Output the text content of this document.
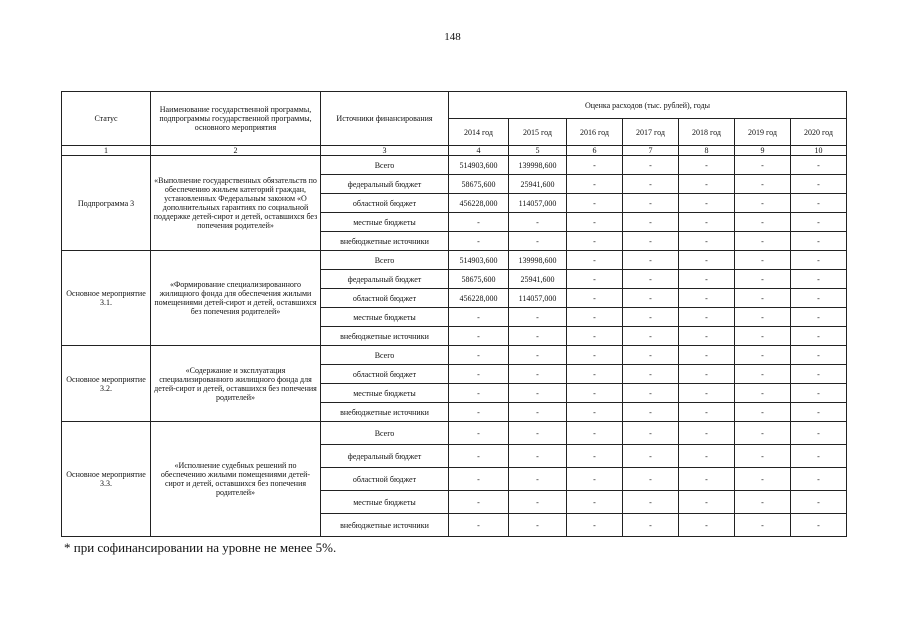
148
Статус	Наименование государственной программы, подпрограммы государственной программы, основного мероприятия	Источники финансирования	Оценка расходов (тыс. рублей), годы						
			2014 год	2015 год	2016 год	2017 год	2018 год	2019 год	2020 год
1	2	3	4	5	6	7	8	9	10
Подпрограмма 3	«Выполнение государственных обязательств по обеспечению жильем категорий граждан, установленных Федеральным законом «О дополнительных гарантиях по социальной поддержке детей-сирот и детей, оставшихся без попечения родителей»	Всего	514903,600	139998,600	-	-	-	-	-
		федеральный бюджет	58675,600	25941,600	-	-	-	-	-
		областной бюджет	456228,000	114057,000	-	-	-	-	-
		местные бюджеты	-	-	-	-	-	-	-
		внебюджетные источники	-	-	-	-	-	-	-
Основное мероприятие 3.1.	«Формирование специализированного жилищного фонда для обеспечения жилыми помещениями детей-сирот и детей, оставшихся без попечения родителей»	Всего	514903,600	139998,600	-	-	-	-	-
		федеральный бюджет	58675,600	25941,600	-	-	-	-	-
		областной бюджет	456228,000	114057,000	-	-	-	-	-
		местные бюджеты	-	-	-	-	-	-	-
		внебюджетные источники	-	-	-	-	-	-	-
Основное мероприятие 3.2.	«Содержание и эксплуатация специализированного жилищного фонда для детей-сирот и детей, оставшихся без попечения родителей»	Всего	-	-	-	-	-	-	-
		областной бюджет	-	-	-	-	-	-	-
		местные бюджеты	-	-	-	-	-	-	-
		внебюджетные источники	-	-	-	-	-	-	-
Основное мероприятие 3.3.	«Исполнение судебных решений по обеспечению жилыми помещениями детей-сирот и детей, оставшихся без попечения родителей»	Всего	-	-	-	-	-	-	-
		федеральный бюджет	-	-	-	-	-	-	-
		областной бюджет	-	-	-	-	-	-	-
		местные бюджеты	-	-	-	-	-	-	-
		внебюджетные источники	-	-	-	-	-	-	-
* при софинансировании на уровне не менее 5%.
